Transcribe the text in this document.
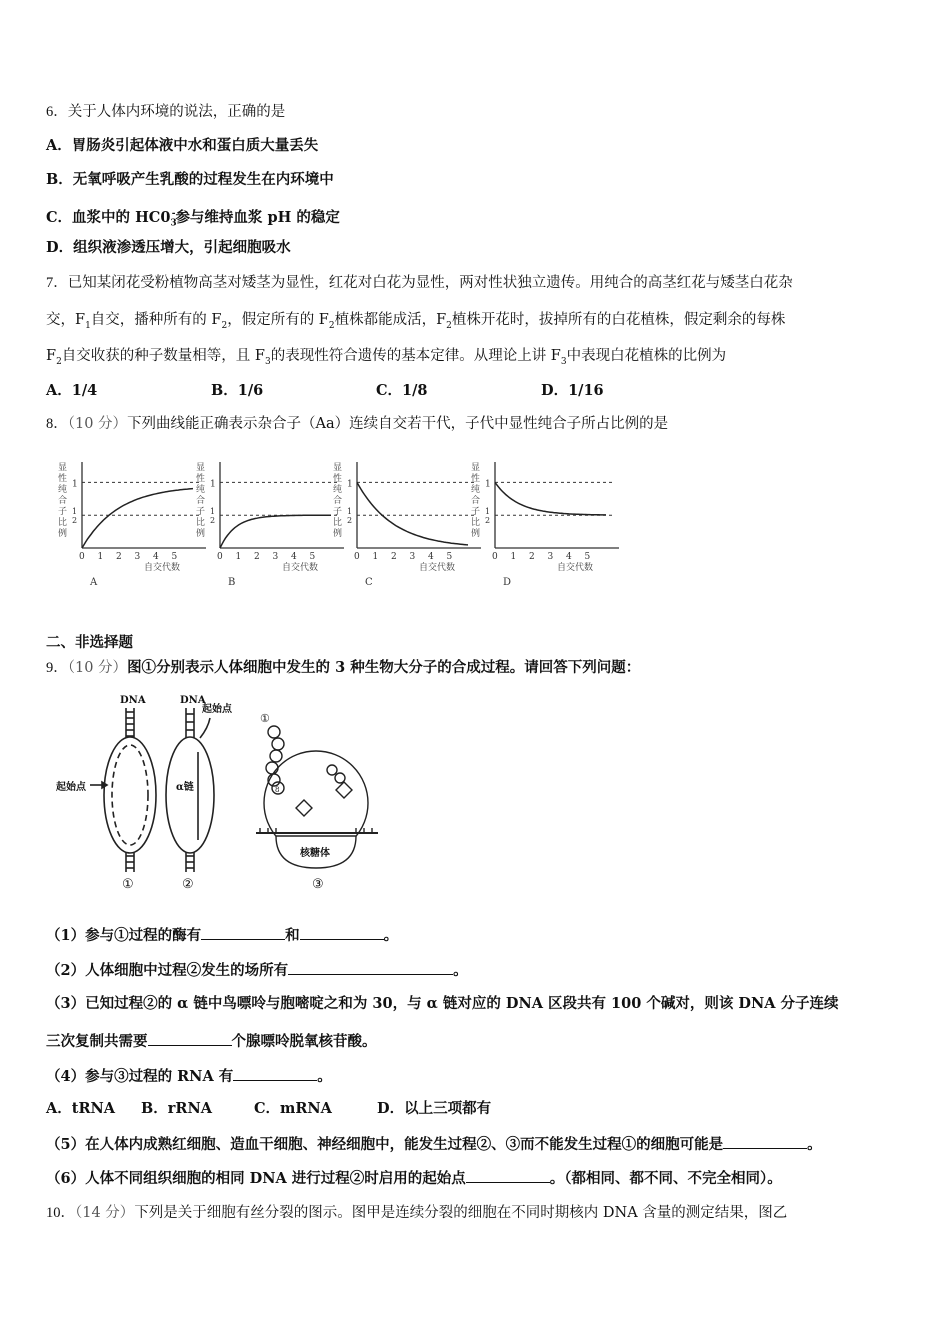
6．关于人体内环境的说法，正确的是
A．胃肠炎引起体液中水和蛋白质大量丢失
B．无氧呼吸产生乳酸的过程发生在内环境中
C．血浆中的 $HC0_3^-$参与维持血浆 pH 的稳定
D．组织液渗透压增大，引起细胞吸水
7．已知某闭花受粉植物高茎对矮茎为显性，红花对白花为显性，两对性状独立遗传。用纯合的高茎红花与矮茎白花杂
交，$F_1$自交，播种所有的 $F_2$，假定所有的 $F_2$植株都能成活，$F_2$植株开花时，拔掉所有的白花植株，假定剩余的每株
$F_2$自交收获的种子数量相等，且 $F_3$的表现性符合遗传的基本定律。从理论上讲 $F_3$中表现白花植株的比例为
A．1/4	B．1/6	C．1/8	D．1/16
8．（10 分）下列曲线能正确表示杂合子（Aa）连续自交若干代，子代中显性纯合子所占比例的是
显
性
纯
合
子
比
例
1
1
2
0 1 2 3 4 5
自交代数
A
显
性
纯
合
子
比
例
1
1
2
0 1 2 3 4 5
自交代数
B
显
性
纯
合
子
比
例
1
1
2
0 1 2 3 4 5
自交代数
C
显
性
纯
合
子
比
例
1
1
2
0 1 2 3 4 5
自交代数
D
二、非选择题
9．（10 分）图①分别表示人体细胞中发生的 3 种生物大分子的合成过程。请回答下列问题：
DNA
起始点
①
DNA
起始点
α链
②
①
8
核糖体
③
（1）参与①过程的酶有	和	。
（2）人体细胞中过程②发生的场所有	。
（3）已知过程②的 α 链中鸟嘌呤与胞嘧啶之和为 30，与 α 链对应的 DNA 区段共有 100 个碱对，则该 DNA 分子连续
三次复制共需要	个腺嘌呤脱氧核苷酸。
（4）参与③过程的 RNA 有	。
A．tRNA B．rRNA	C．mRNA	D．以上三项都有
（5）在人体内成熟红细胞、造血干细胞、神经细胞中，能发生过程②、③而不能发生过程①的细胞可能是	。
（6）人体不同组织细胞的相同 DNA 进行过程②时启用的起始点	。（都相同、都不同、不完全相同）。
10．（14 分）下列是关于细胞有丝分裂的图示。图甲是连续分裂的细胞在不同时期核内 DNA 含量的测定结果，图乙
